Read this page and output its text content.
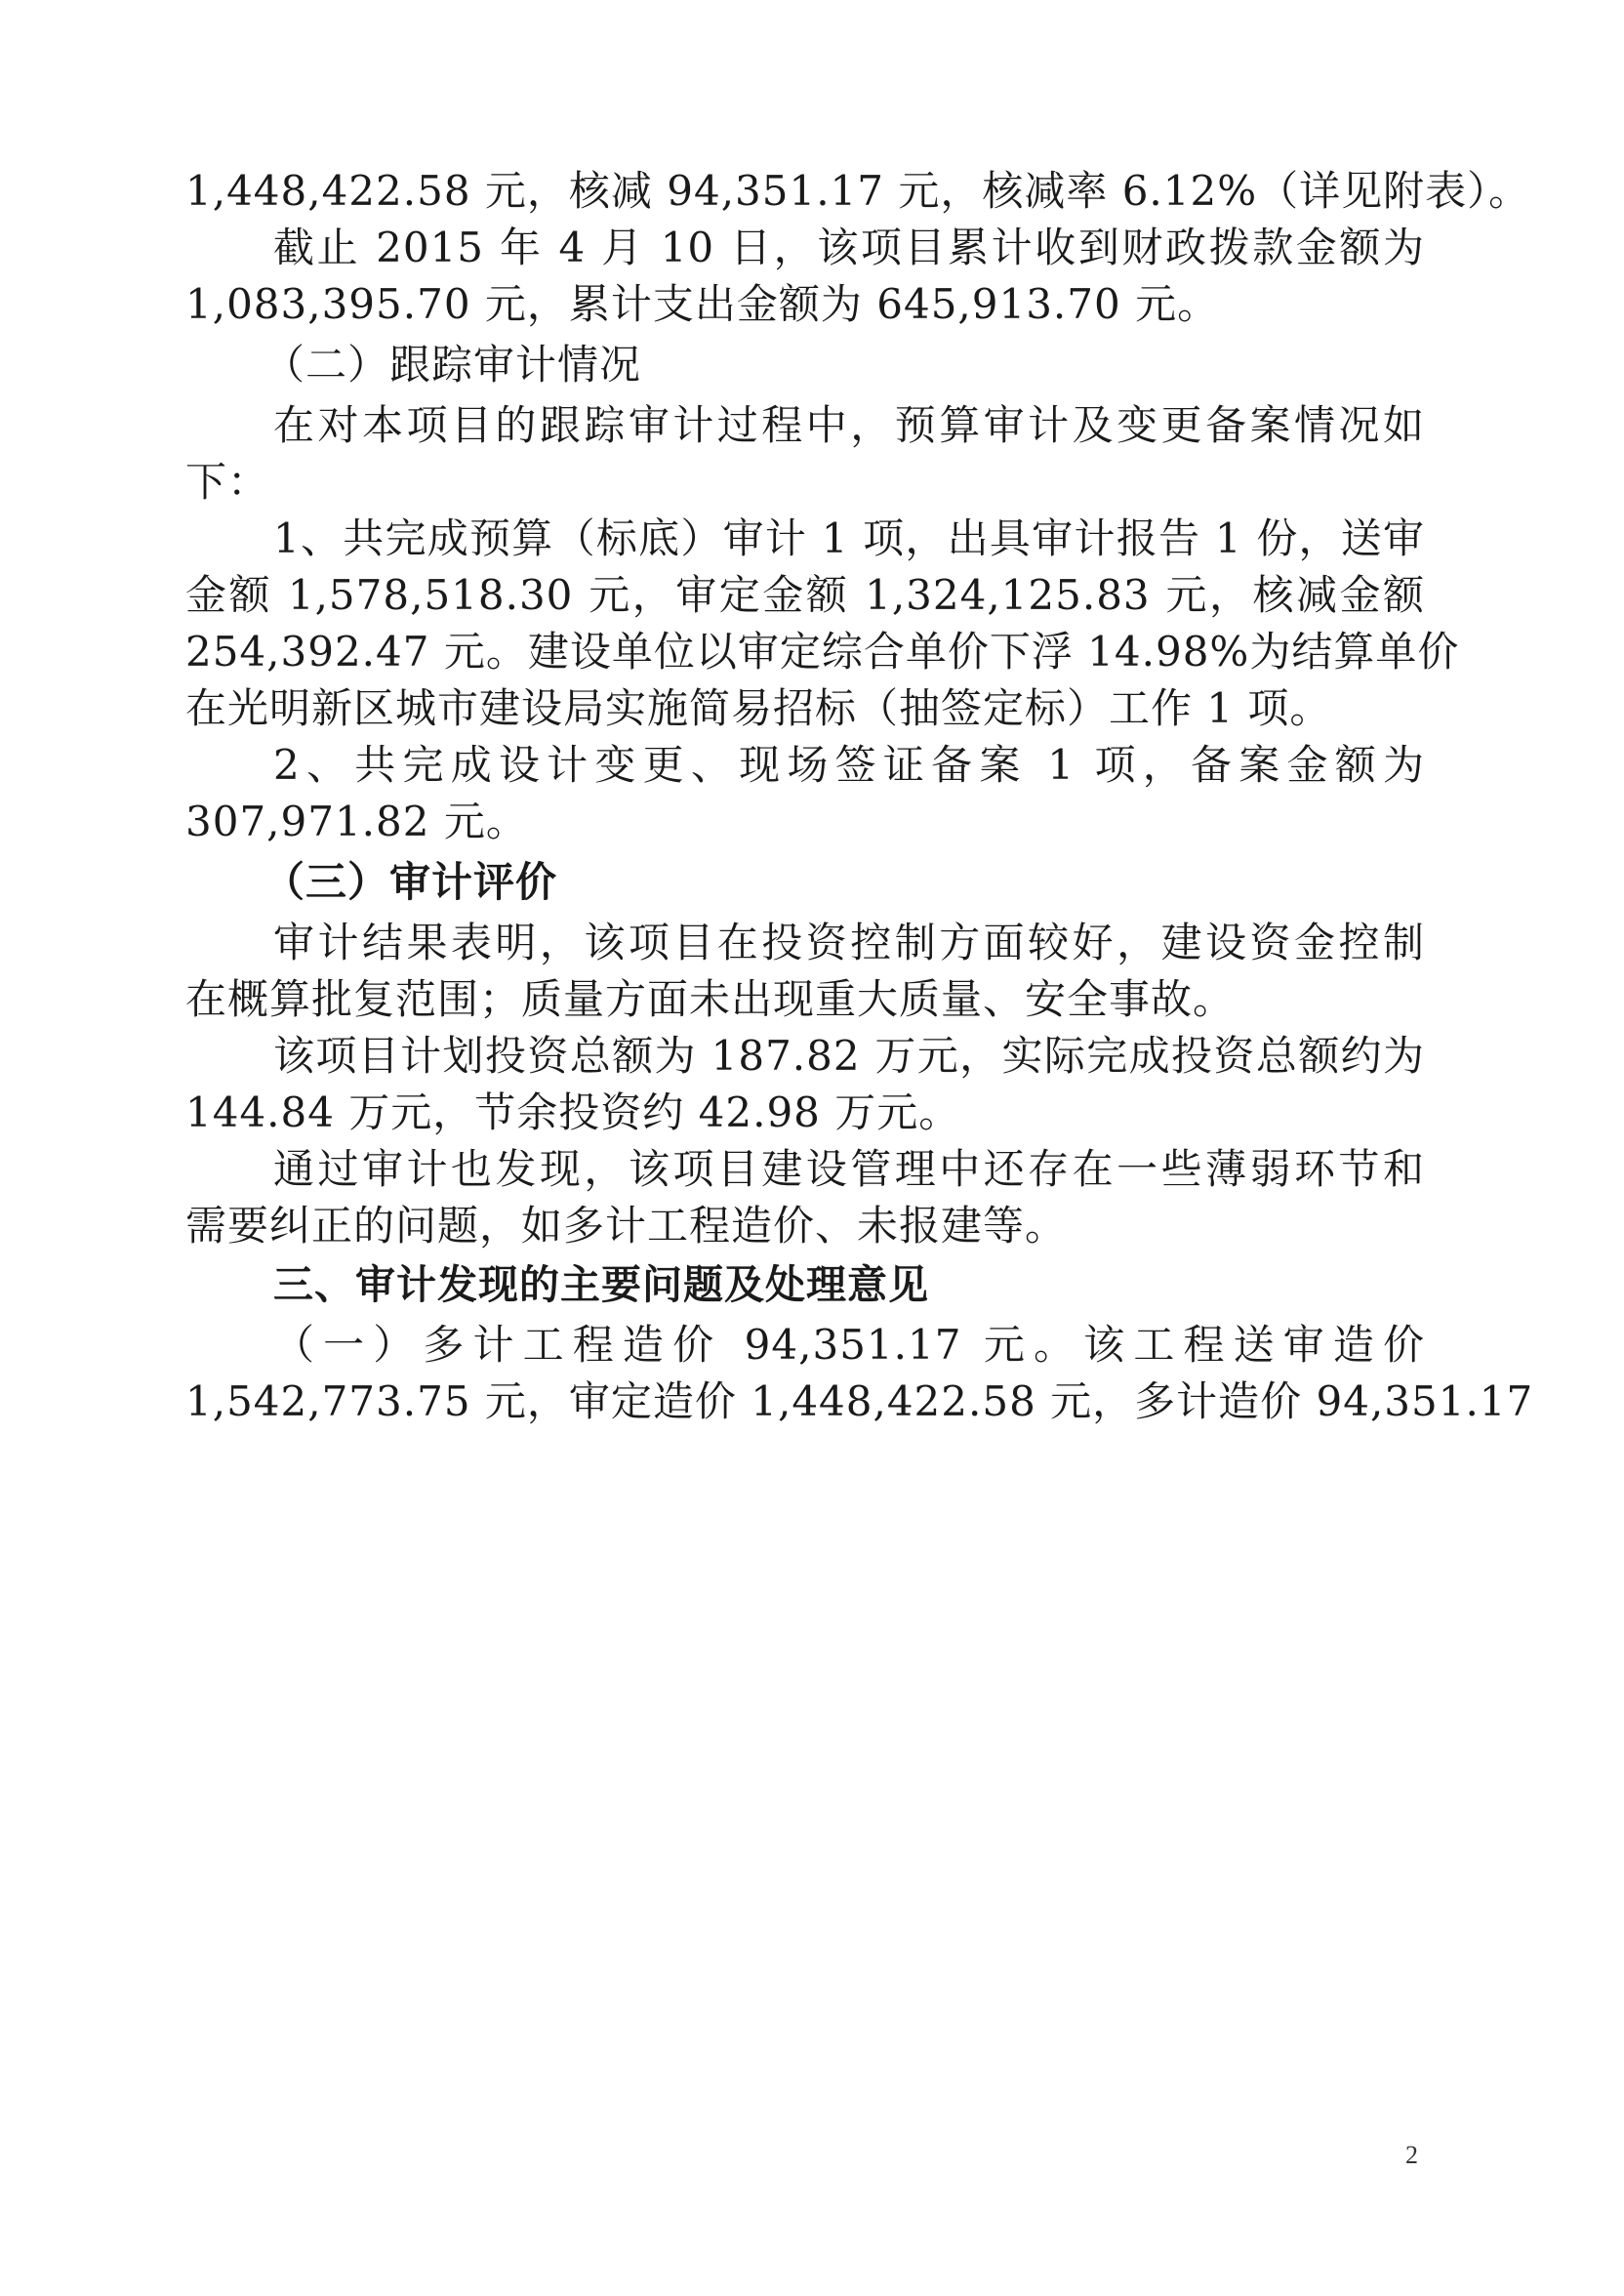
1,448,422.58 元，核减 94,351.17 元，核减率 6.12%（详见附表）。
截止 2015 年 4 月 10 日，该项目累计收到财政拨款金额为
1,083,395.70 元，累计支出金额为 645,913.70 元。
（二）跟踪审计情况
在对本项目的跟踪审计过程中，预算审计及变更备案情况如
下：
1、共完成预算（标底）审计 1 项，出具审计报告 1 份，送审
金额 1,578,518.30 元，审定金额 1,324,125.83 元，核减金额
254,392.47 元。建设单位以审定综合单价下浮 14.98%为结算单价
在光明新区城市建设局实施简易招标（抽签定标）工作 1 项。
2、共完成设计变更、现场签证备案 1 项，备案金额为
307,971.82 元。
（三）审计评价
审计结果表明，该项目在投资控制方面较好，建设资金控制
在概算批复范围；质量方面未出现重大质量、安全事故。
该项目计划投资总额为 187.82 万元，实际完成投资总额约为
144.84 万元，节余投资约 42.98 万元。
通过审计也发现，该项目建设管理中还存在一些薄弱环节和
需要纠正的问题，如多计工程造价、未报建等。
三、审计发现的主要问题及处理意见
（一）多计工程造价 94,351.17 元。该工程送审造价
1,542,773.75 元，审定造价 1,448,422.58 元，多计造价 94,351.17
2
